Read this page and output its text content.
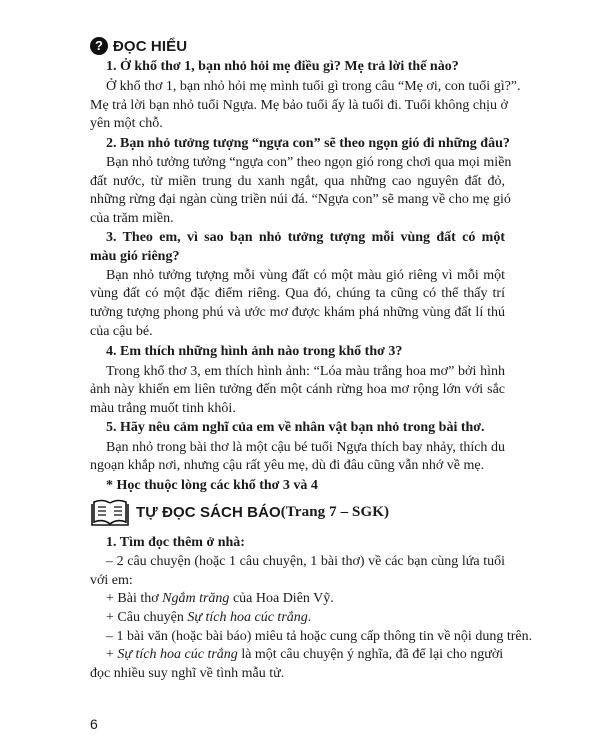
? ĐỌC HIỂU
1. Ở khổ thơ 1, bạn nhỏ hỏi mẹ điều gì? Mẹ trả lời thế nào?
Ở khổ thơ 1, bạn nhỏ hỏi mẹ mình tuổi gì trong câu “Mẹ ơi, con tuổi gì?”.
Mẹ trả lời bạn nhỏ tuổi Ngựa. Mẹ bảo tuổi ấy là tuổi đi. Tuổi không chịu ở
yên một chỗ.
2. Bạn nhỏ tưởng tượng “ngựa con” sẽ theo ngọn gió đi những đâu?
Bạn nhỏ tưởng tưởng “ngựa con” theo ngọn gió rong chơi qua mọi miền
đất nước, từ miền trung du xanh ngắt, qua những cao nguyên đất đỏ,
những rừng đại ngàn cùng triền núi đá. “Ngựa con” sẽ mang về cho mẹ gió
của trăm miền.
3. Theo em, vì sao bạn nhỏ tưởng tượng mỗi vùng đất có một
màu gió riêng?
Bạn nhỏ tưởng tượng mỗi vùng đất có một màu gió riêng vì mỗi một
vùng đất có một đặc điểm riêng. Qua đó, chúng ta cũng có thể thấy trí
tưởng tượng phong phú và ước mơ được khám phá những vùng đất lí thú
của cậu bé.
4. Em thích những hình ảnh nào trong khổ thơ 3?
Trong khổ thơ 3, em thích hình ảnh: “Lóa màu trắng hoa mơ” bởi hình
ảnh này khiến em liên tưởng đến một cánh rừng hoa mơ rộng lớn với sắc
màu trắng muốt tinh khôi.
5. Hãy nêu cảm nghĩ của em về nhân vật bạn nhỏ trong bài thơ.
Bạn nhỏ trong bài thơ là một cậu bé tuổi Ngựa thích bay nhảy, thích du
ngoạn khắp nơi, nhưng cậu rất yêu mẹ, dù đi đâu cũng vẫn nhớ về mẹ.
* Học thuộc lòng các khổ thơ 3 và 4
TỰ ĐỌC SÁCH BÁO (Trang 7 – SGK)
1. Tìm đọc thêm ở nhà:
– 2 câu chuyện (hoặc 1 câu chuyện, 1 bài thơ) về các bạn cùng lứa tuổi
với em:
+ Bài thơ Ngắm trăng của Hoa Diên Vỹ.
+ Câu chuyện Sự tích hoa cúc trắng.
6
– 1 bài văn (hoặc bài báo) miêu tả hoặc cung cấp thông tin về nội dung trên.
+ Sự tích hoa cúc trắng là một câu chuyện ý nghĩa, đã để lại cho người
đọc nhiều suy nghĩ về tình mẫu tử.
